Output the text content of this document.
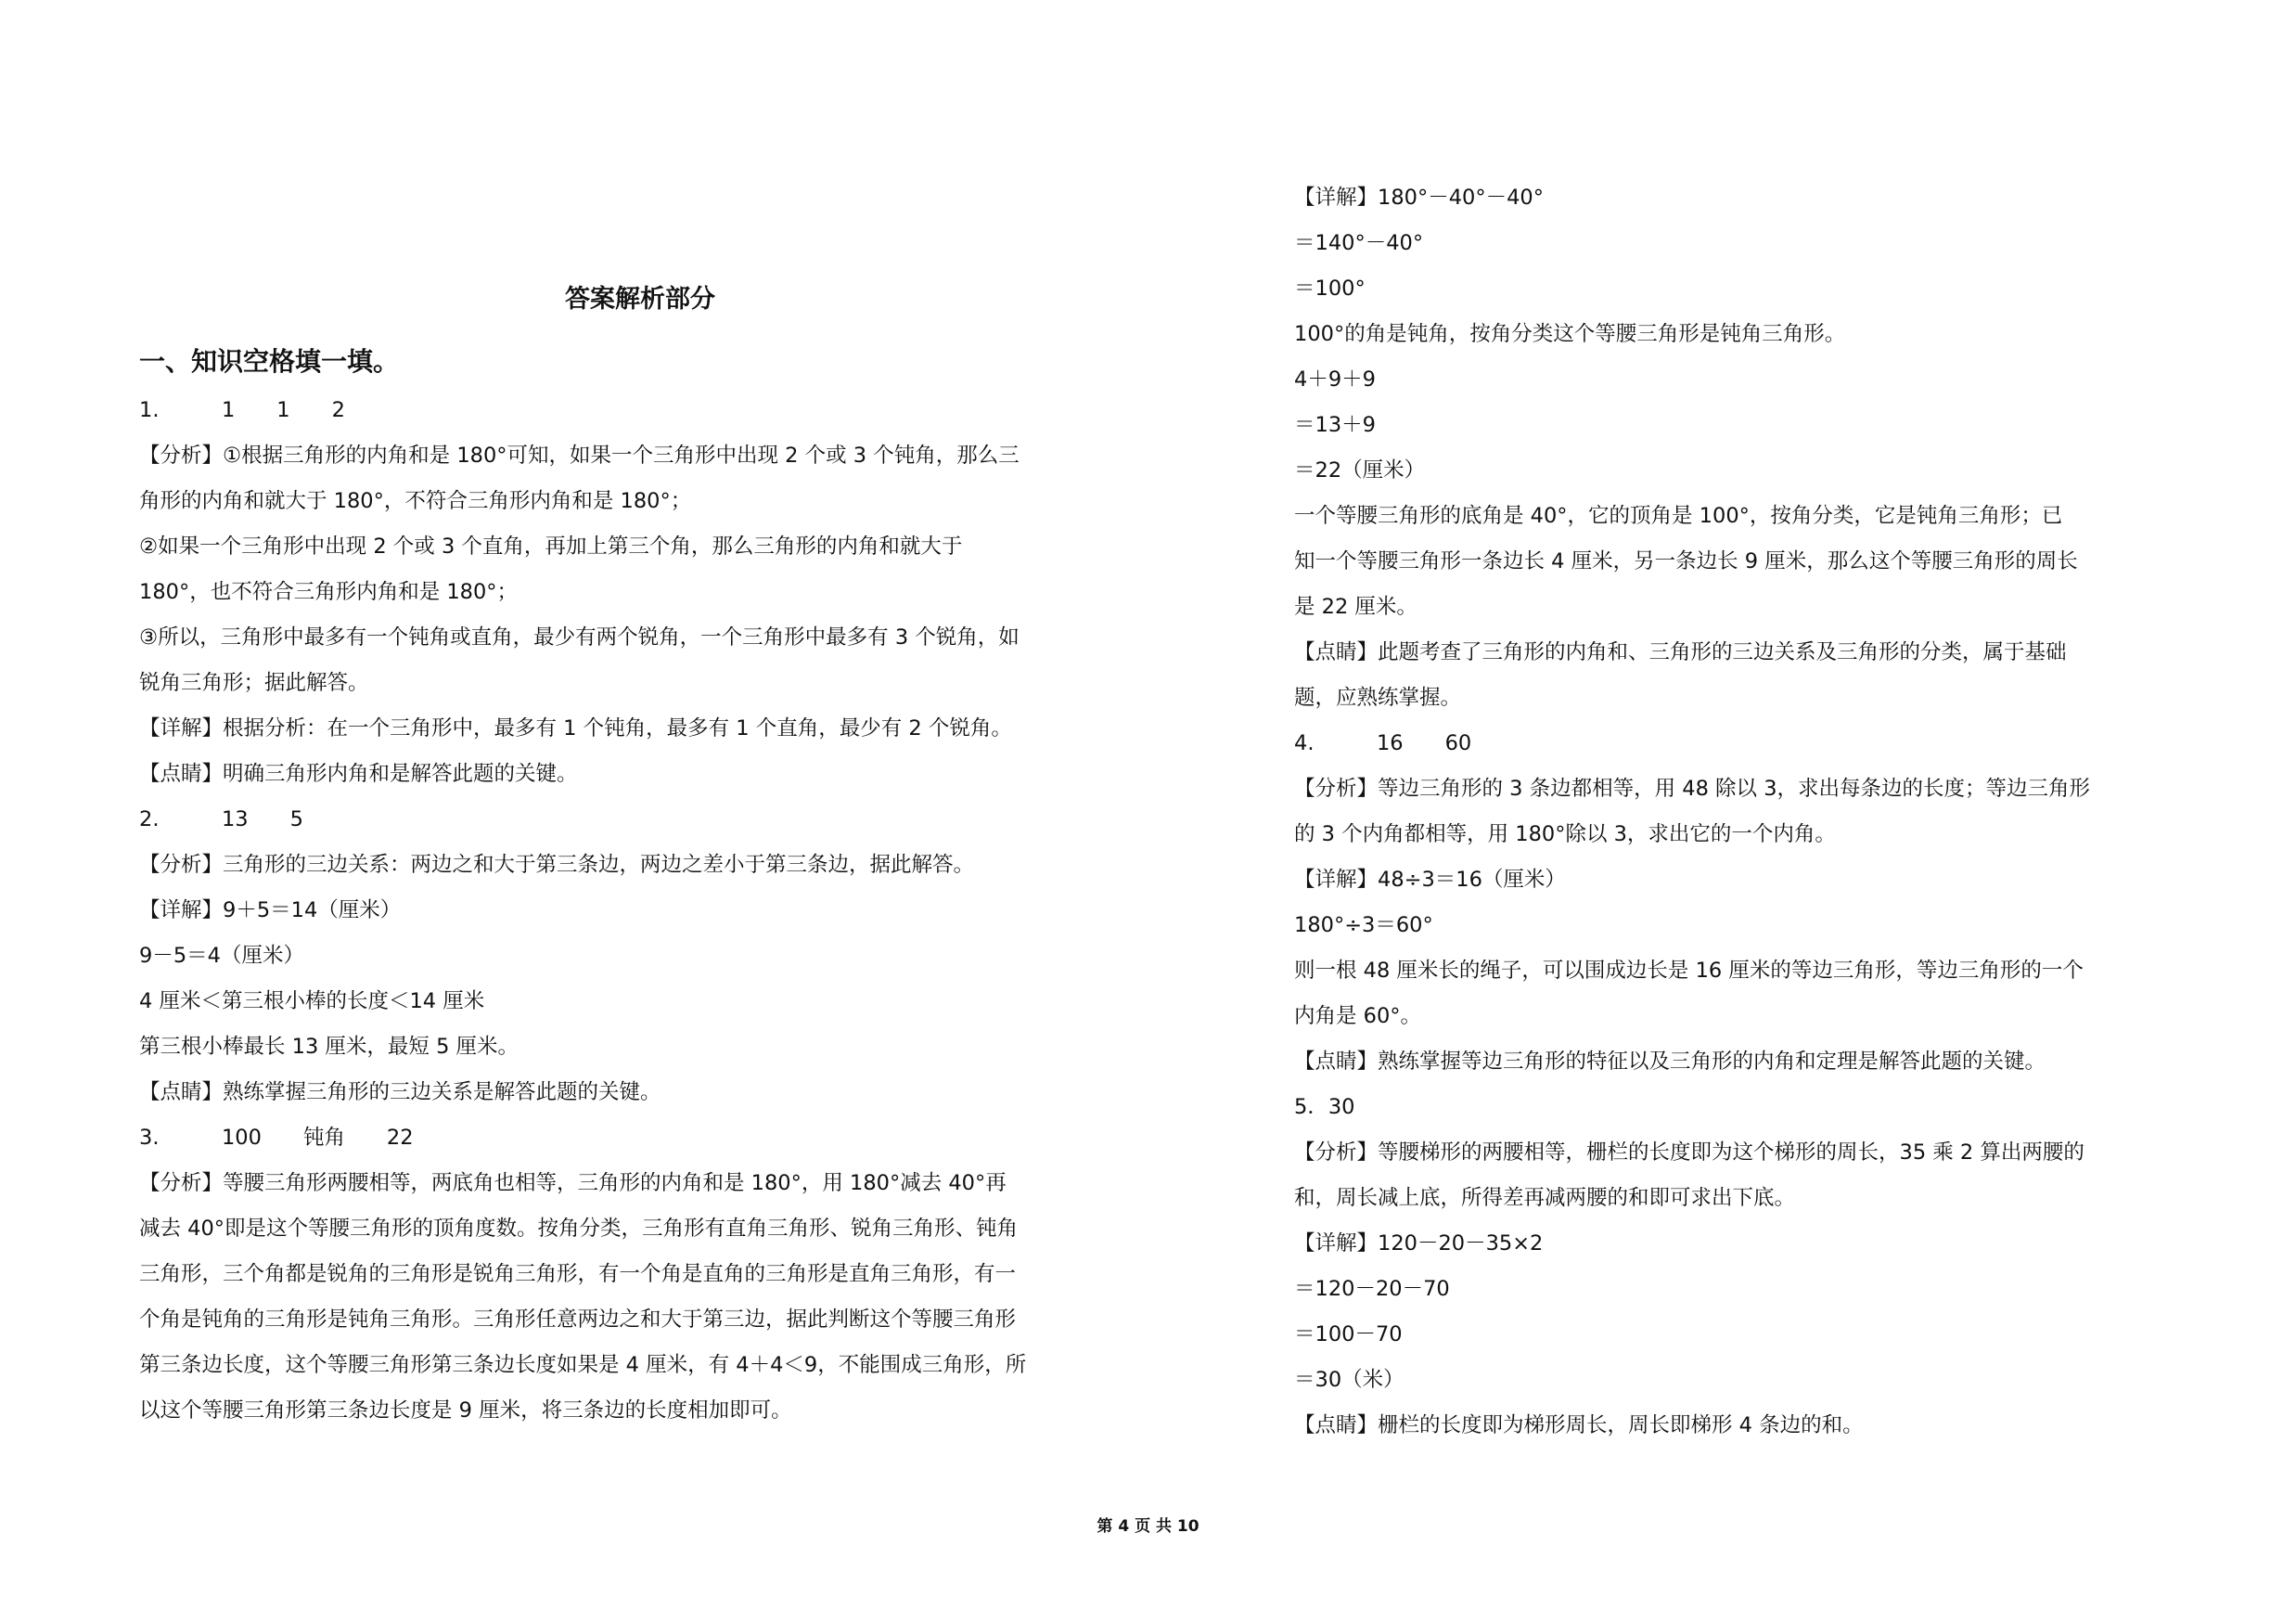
答案解析部分

一、知识空格填一填。

1.　　　1　　1　　2

【分析】①根据三角形的内角和是 180°可知，如果一个三角形中出现 2 个或 3 个钝角，那么三

角形的内角和就大于 180°，不符合三角形内角和是 180°；

②如果一个三角形中出现 2 个或 3 个直角，再加上第三个角，那么三角形的内角和就大于

180°，也不符合三角形内角和是 180°；

③所以，三角形中最多有一个钝角或直角，最少有两个锐角，一个三角形中最多有 3 个锐角，如

锐角三角形；据此解答。

【详解】根据分析：在一个三角形中，最多有 1 个钝角，最多有 1 个直角，最少有 2 个锐角。

【点睛】明确三角形内角和是解答此题的关键。

2.　　　13　　5

【分析】三角形的三边关系：两边之和大于第三条边，两边之差小于第三条边，据此解答。

【详解】9＋5＝14（厘米）

9－5＝4（厘米）

4 厘米＜第三根小棒的长度＜14 厘米

第三根小棒最长 13 厘米，最短 5 厘米。

【点睛】熟练掌握三角形的三边关系是解答此题的关键。

3.　　　100　　钝角　　22

【分析】等腰三角形两腰相等，两底角也相等，三角形的内角和是 180°，用 180°减去 40°再

减去 40°即是这个等腰三角形的顶角度数。按角分类，三角形有直角三角形、锐角三角形、钝角

三角形，三个角都是锐角的三角形是锐角三角形，有一个角是直角的三角形是直角三角形，有一

个角是钝角的三角形是钝角三角形。三角形任意两边之和大于第三边，据此判断这个等腰三角形

第三条边长度，这个等腰三角形第三条边长度如果是 4 厘米，有 4＋4＜9，不能围成三角形，所

以这个等腰三角形第三条边长度是 9 厘米，将三条边的长度相加即可。

【详解】180°－40°－40°

＝140°－40°

＝100°

100°的角是钝角，按角分类这个等腰三角形是钝角三角形。

4＋9＋9

＝13＋9

＝22（厘米）

一个等腰三角形的底角是 40°，它的顶角是 100°，按角分类，它是钝角三角形；已

知一个等腰三角形一条边长 4 厘米，另一条边长 9 厘米，那么这个等腰三角形的周长

是 22 厘米。

【点睛】此题考查了三角形的内角和、三角形的三边关系及三角形的分类，属于基础

题，应熟练掌握。

4.　　　16　　60

【分析】等边三角形的 3 条边都相等，用 48 除以 3，求出每条边的长度；等边三角形

的 3 个内角都相等，用 180°除以 3，求出它的一个内角。

【详解】48÷3＝16（厘米）

180°÷3＝60°

则一根 48 厘米长的绳子，可以围成边长是 16 厘米的等边三角形，等边三角形的一个

内角是 60°。

【点睛】熟练掌握等边三角形的特征以及三角形的内角和定理是解答此题的关键。

5．30

【分析】等腰梯形的两腰相等，栅栏的长度即为这个梯形的周长，35 乘 2 算出两腰的

和，周长减上底，所得差再减两腰的和即可求出下底。

【详解】120－20－35×2

＝120－20－70

＝100－70

＝30（米）

【点睛】栅栏的长度即为梯形周长，周长即梯形 4 条边的和。

第 4 页 共 10
